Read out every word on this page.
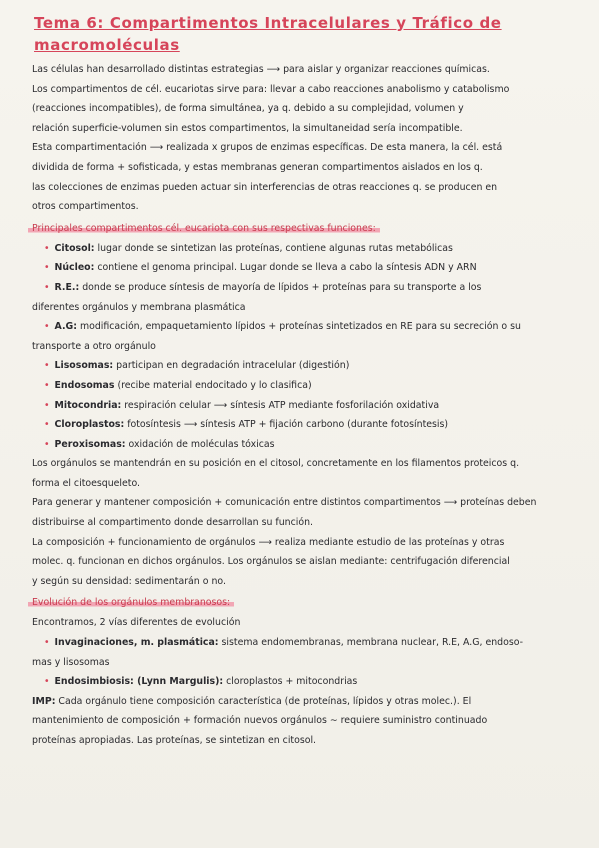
Tema 6: Compartimentos Intracelulares y Tráfico de
macromoléculas
Las células han desarrollado distintas estrategias ⟶ para aislar y organizar reacciones químicas.
Los compartimentos de cél. eucariotas sirve para: llevar a cabo reacciones anabolismo y catabolismo
(reacciones incompatibles), de forma simultánea, ya q. debido a su complejidad, volumen y
relación superficie-volumen sin estos compartimentos, la simultaneidad sería incompatible.
Esta compartimentación ⟶ realizada x grupos de enzimas específicas. De esta manera, la cél. está
dividida de forma + sofisticada, y estas membranas generan compartimentos aislados en los q.
las colecciones de enzimas pueden actuar sin interferencias de otras reacciones q. se producen en
otros compartimentos.
Principales compartimentos cél. eucariota con sus respectivas funciones:
• Citosol: lugar donde se sintetizan las proteínas, contiene algunas rutas metabólicas
• Núcleo: contiene el genoma principal. Lugar donde se lleva a cabo la síntesis ADN y ARN
• R.E.: donde se produce síntesis de mayoría de lípidos + proteínas para su transporte a los
diferentes orgánulos y membrana plasmática
• A.G: modificación, empaquetamiento lípidos + proteínas sintetizados en RE para su secreción o su
transporte a otro orgánulo
• Lisosomas: participan en degradación intracelular (digestión)
• Endosomas (recibe material endocitado y lo clasifica)
• Mitocondria: respiración celular ⟶ síntesis ATP mediante fosforilación oxidativa
• Cloroplastos: fotosíntesis ⟶ síntesis ATP + fijación carbono (durante fotosíntesis)
• Peroxisomas: oxidación de moléculas tóxicas
Los orgánulos se mantendrán en su posición en el citosol, concretamente en los filamentos proteicos q.
forma el citoesqueleto.
Para generar y mantener composición + comunicación entre distintos compartimentos ⟶ proteínas deben
distribuirse al compartimento donde desarrollan su función.
La composición + funcionamiento de orgánulos ⟶ realiza mediante estudio de las proteínas y otras
molec. q. funcionan en dichos orgánulos. Los orgánulos se aislan mediante: centrifugación diferencial
y según su densidad: sedimentarán o no.
Evolución de los orgánulos membranosos:
Encontramos, 2 vías diferentes de evolución
• Invaginaciones, m. plasmática: sistema endomembranas, membrana nuclear, R.E, A.G, endoso-
mas y lisosomas
• Endosimbiosis: (Lynn Margulis): cloroplastos + mitocondrias
IMP: Cada orgánulo tiene composición característica (de proteínas, lípidos y otras molec.). El
mantenimiento de composición + formación nuevos orgánulos ∼ requiere suministro continuado
proteínas apropiadas. Las proteínas, se sintetizan en citosol.
